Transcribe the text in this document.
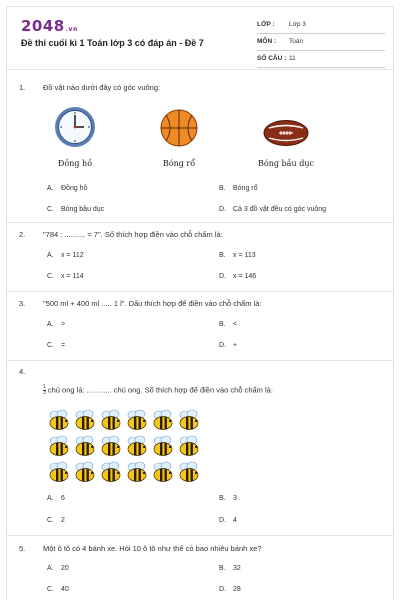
2048.vn
Đề thi cuối kì 1 Toán lớp 3 có đáp án - Đề 7
LỚP : Lớp 3
MÔN : Toán
SỐ CÂU : 11
1. Đồ vật nào dưới đây có góc vuông:
Đồng hồ	Bóng rổ	Bóng bầu dục
A. Đồng hồ	B. Bóng rổ
C. Bóng bầu dục	D. Cả 3 đồ vật đều có góc vuông
2. "784 : .......... = 7". Số thích hợp điền vào chỗ chấm là:
A. x = 112	B. x = 113
C. x = 114	D. x = 146
3. "500 ml + 400 ml ..... 1 l". Dấu thích hợp để điền vào chỗ chấm là:
A. >	B. <
C. =	D. +
4.
$\frac{1}{3}$ chú ong là: ............ chú ong. Số thích hợp để điền vào chỗ chấm là:
A. 6	B. 3
C. 2	D. 4
5. Một ô tô có 4 bánh xe. Hỏi 10 ô tô như thế có bao nhiêu bánh xe?
A. 20	B. 32
C. 40	D. 28
